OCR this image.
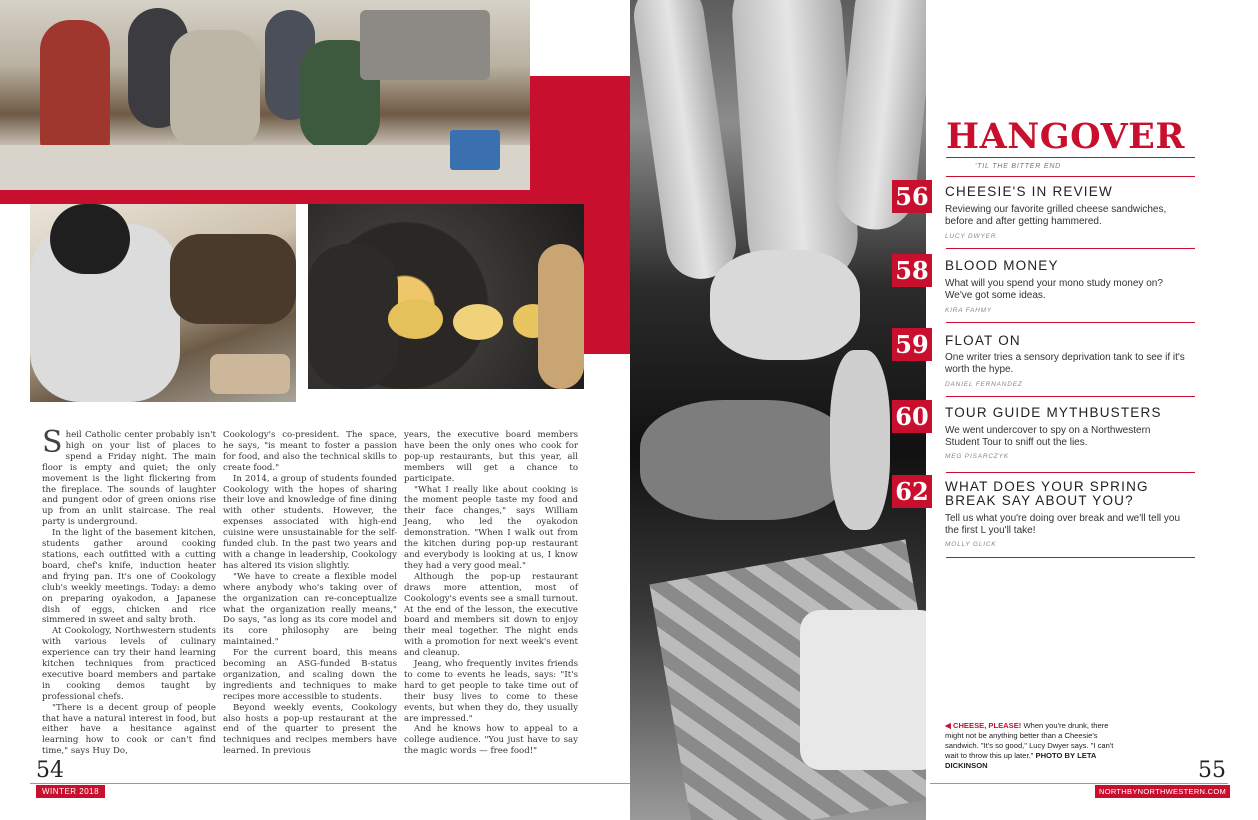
Sheil Catholic center probably isn't high on your list of places to spend a Friday night. The main floor is empty and quiet; the only movement is the light flickering from the fireplace. The sounds of laughter and pungent odor of green onions rise up from an unlit staircase. The real party is underground.

In the light of the basement kitchen, students gather around cooking stations, each outfitted with a cutting board, chef's knife, induction heater and frying pan. It's one of Cookology club's weekly meetings. Today: a demo on preparing oyakodon, a Japanese dish of eggs, chicken and rice simmered in sweet and salty broth.

At Cookology, Northwestern students with various levels of culinary experience can try their hand learning kitchen techniques from practiced executive board members and partake in cooking demos taught by professional chefs.

"There is a decent group of people that have a natural interest in food, but either have a hesitance against learning how to cook or can't find time," says Huy Do,

Cookology's co-president. The space, he says, "is meant to foster a passion for food, and also the technical skills to create food."

In 2014, a group of students founded Cookology with the hopes of sharing their love and knowledge of fine dining with other students. However, the expenses associated with high-end cuisine were unsustainable for the self-funded club. In the past two years and with a change in leadership, Cookology has altered its vision slightly.

"We have to create a flexible model where anybody who's taking over of the organization can re-conceptualize what the organization really means," Do says, "as long as its core model and its core philosophy are being maintained."

For the current board, this means becoming an ASG-funded B-status organization, and scaling down the ingredients and techniques to make recipes more accessible to students.

Beyond weekly events, Cookology also hosts a pop-up restaurant at the end of the quarter to present the techniques and recipes members have learned. In previous

years, the executive board members have been the only ones who cook for pop-up restaurants, but this year, all members will get a chance to participate.

"What I really like about cooking is the moment people taste my food and their face changes," says William Jeang, who led the oyakodon demonstration. "When I walk out from the kitchen during pop-up restaurant and everybody is looking at us, I know they had a very good meal."

Although the pop-up restaurant draws more attention, most of Cookology's events see a small turnout. At the end of the lesson, the executive board and members sit down to enjoy their meal together. The night ends with a promotion for next week's event and cleanup.

Jeang, who frequently invites friends to come to events he leads, says: "It's hard to get people to take time out of their busy lives to come to these events, but when they do, they usually are impressed."

And he knows how to appeal to a college audience. "You just have to say the magic words — free food!"

54
WINTER 2018
HANGOVER
'TIL THE BITTER END
56 CHEESIE'S IN REVIEW
Reviewing our favorite grilled cheese sandwiches, before and after getting hammered.
LUCY DWYER
58 BLOOD MONEY
What will you spend your mono study money on? We've got some ideas.
KIRA FAHMY
59 FLOAT ON
One writer tries a sensory deprivation tank to see if it's worth the hype.
DANIEL FERNANDEZ
60 TOUR GUIDE MYTHBUSTERS
We went undercover to spy on a Northwestern Student Tour to sniff out the lies.
MEG PISARCZYK
62 WHAT DOES YOUR SPRING
BREAK SAY ABOUT YOU?
Tell us what you're doing over break and we'll tell you the first L you'll take!
MOLLY GLICK
◀ CHEESE, PLEASE! When you're drunk, there might not be anything better than a Cheesie's sandwich. "It's so good," Lucy Dwyer says. "I can't wait to throw this up later." PHOTO BY LETA DICKINSON	55
NORTHBYNORTHWESTERN.COM
